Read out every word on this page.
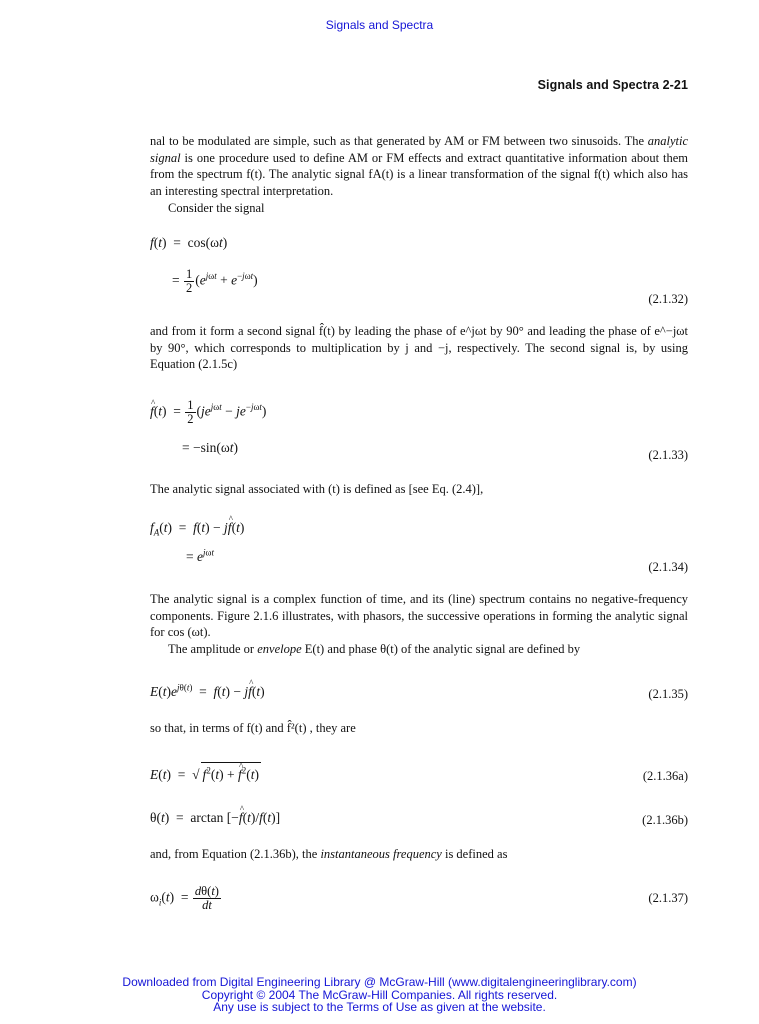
Signals and Spectra
Signals and Spectra 2-21

nal to be modulated are simple, such as that generated by AM or FM between two sinusoids. The analytic signal is one procedure used to define AM or FM effects and extract quantitative information about them from the spectrum f(t). The analytic signal fA(t) is a linear transformation of the signal f(t) which also has an interesting spectral interpretation.

Consider the signal

f(t)  =  cos(ωt)
= $\frac{1}{2} (e^{j\omega t} + e^{-j\omega t})$
(2.1.32)

and from it form a second signal f̂(t) by leading the phase of e^jωt by 90° and leading the phase of e^−jωt by 90°, which corresponds to multiplication by j and −j, respectively. The second signal is, by using Equation (2.1.5c)

^ $f(t) = \frac{1}{2} (je^{j\omega t} - je^{-j\omega t})$
= −sin(ωt)	(2.1.33)

The analytic signal associated with (t) is defined as [see Eq. (2.4)],

$f_A(t) = f(t)$ − j^ f(t)
= $e^{j\omega t}$
(2.1.34)

The analytic signal is a complex function of time, and its (line) spectrum contains no negative-frequency components. Figure 2.1.6 illustrates, with phasors, the successive operations in forming the analytic signal for cos (ωt).

The amplitude or envelope E(t) and phase θ(t) of the analytic signal are defined by

$E(t)e^{j\theta(t)} = f(t)$ − j^ f(t)	(2.1.35)

so that, in terms of f(t) and f̂²(t) , they are

E(t)  =  √ $f^2(t)$ + ^ $f^2(t)$	(2.1.36a)
θ(t)  =  arctan [−^ f(t)/f(t)]	(2.1.36b)

and, from Equation (2.1.36b), the instantaneous frequency is defined as

$\omega_i(t) = \frac{d\theta(t)}{dt}$	(2.1.37)
Downloaded from Digital Engineering Library @ McGraw-Hill (www.digitalengineeringlibrary.com)
Copyright © 2004 The McGraw-Hill Companies. All rights reserved.
Any use is subject to the Terms of Use as given at the website.
